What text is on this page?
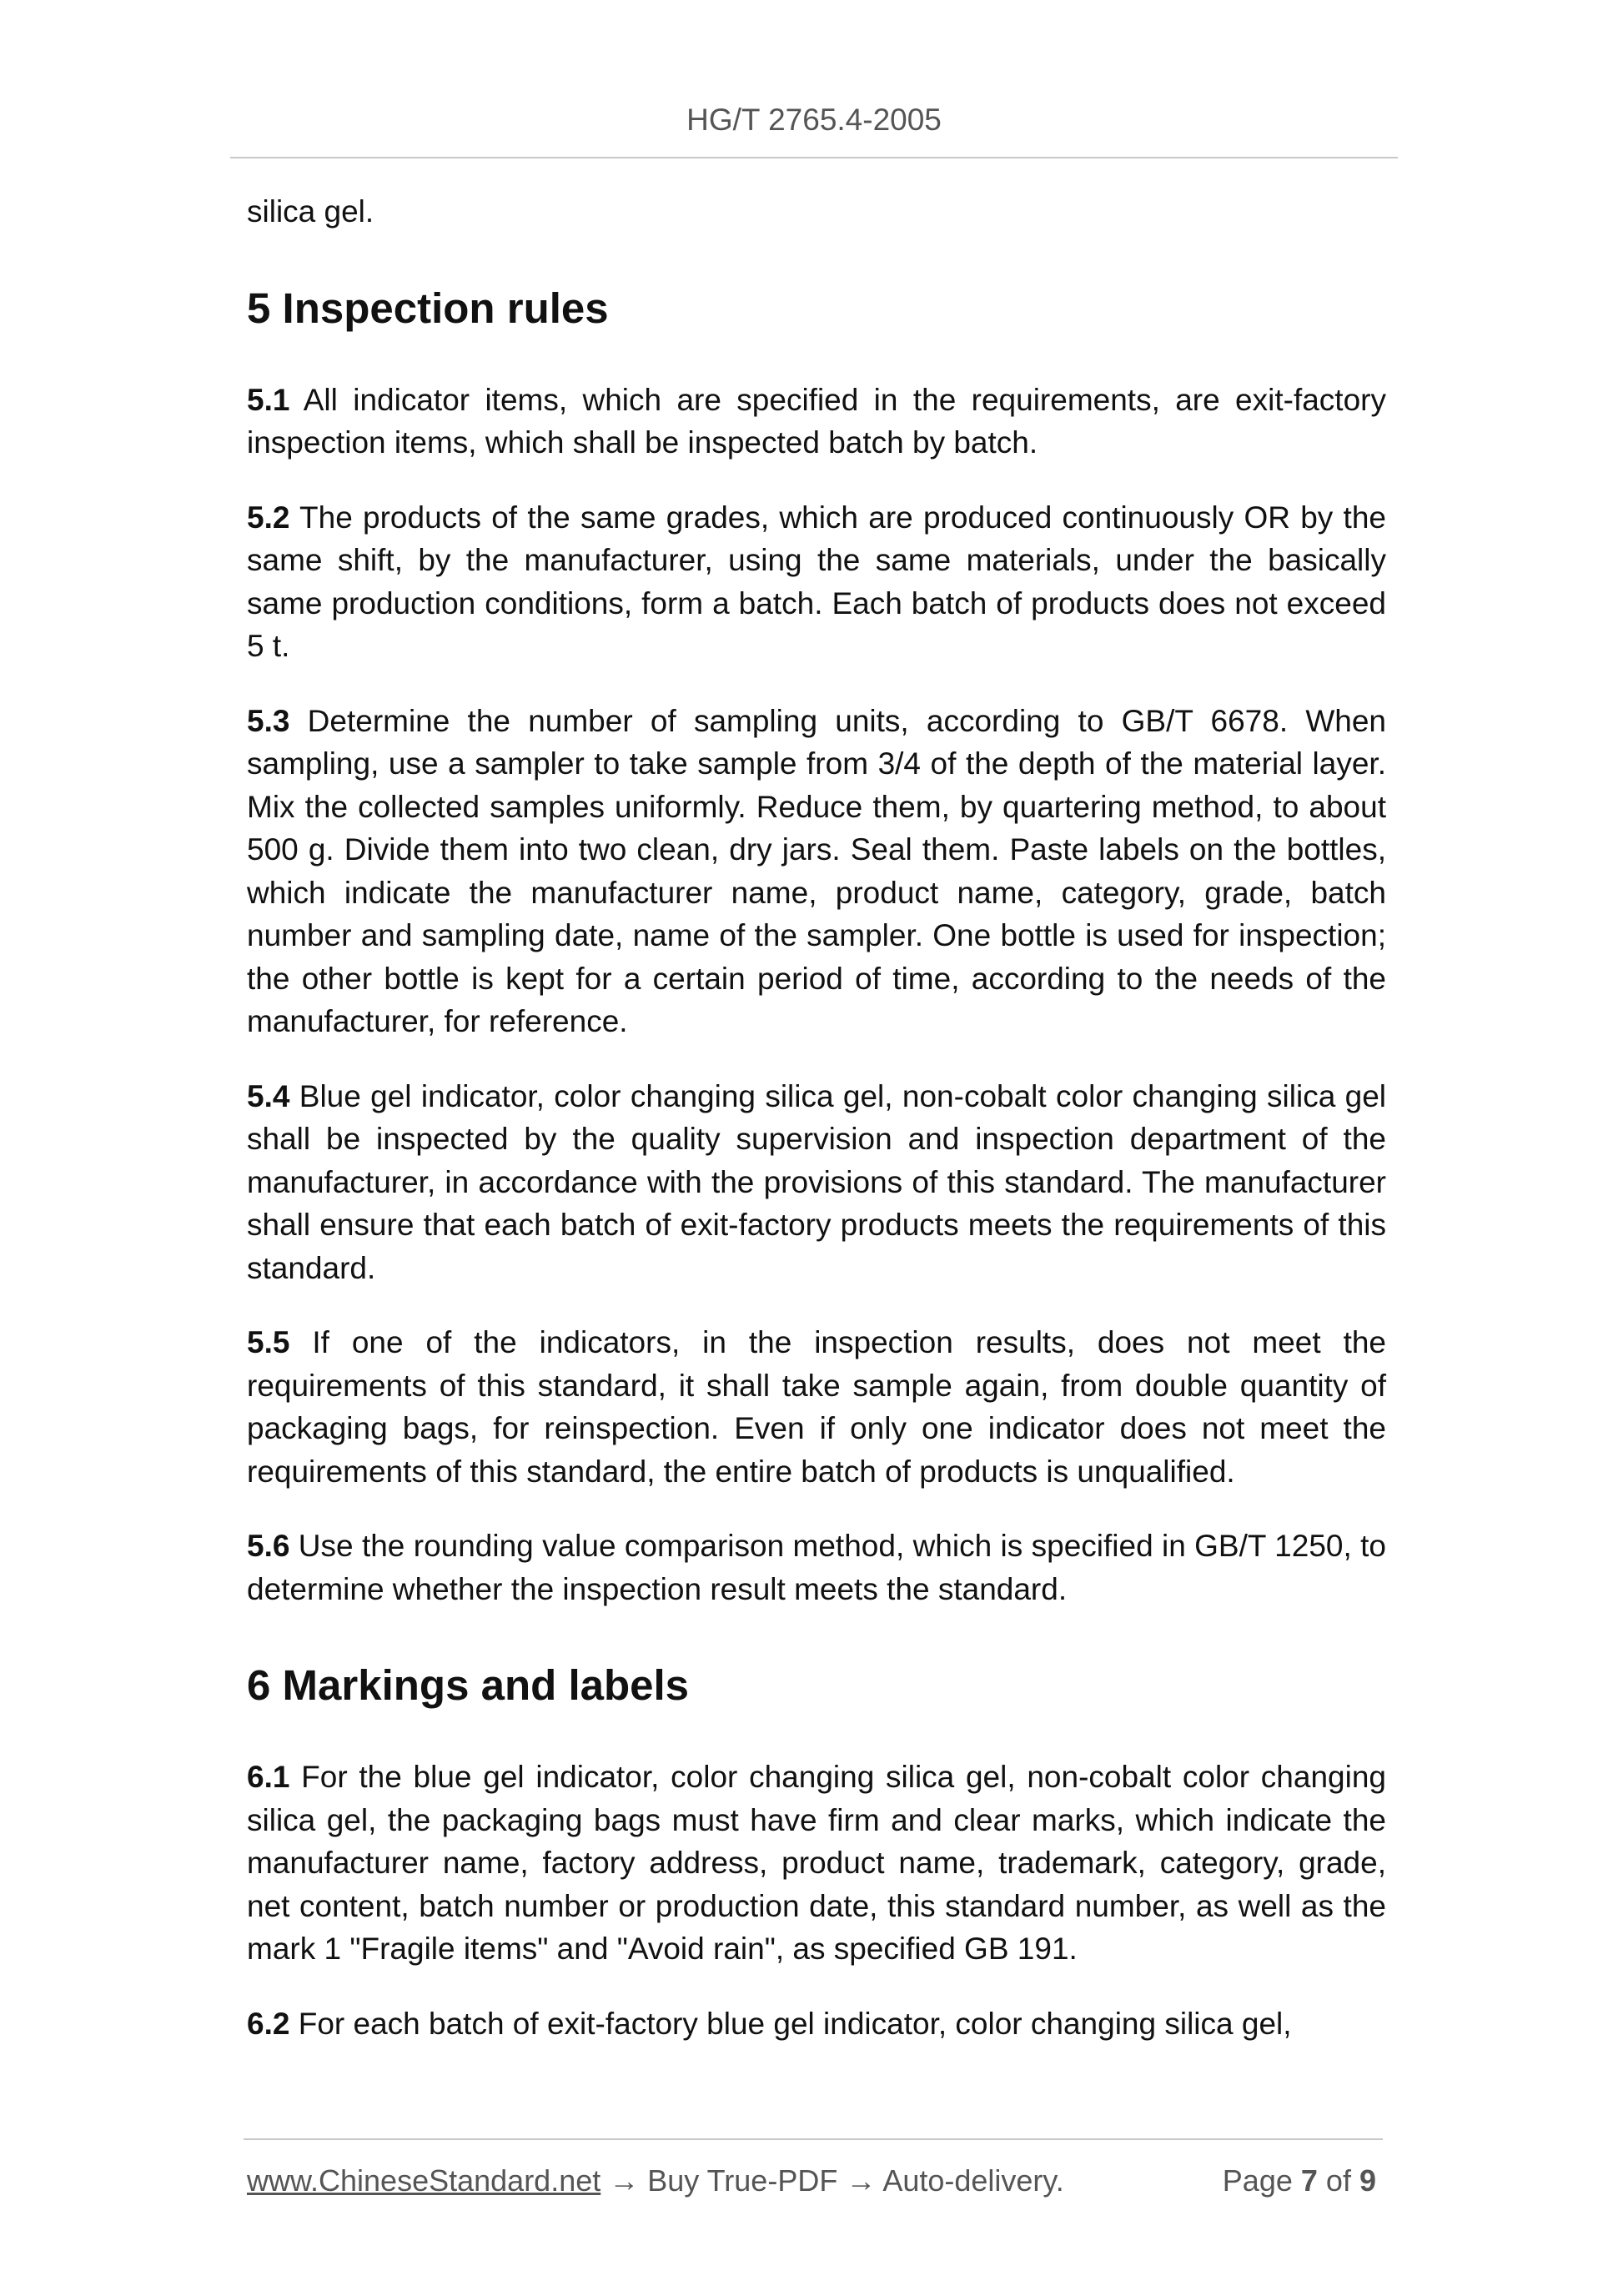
HG/T 2765.4-2005

silica gel.

5 Inspection rules

5.1 All indicator items, which are specified in the requirements, are exit-factory inspection items, which shall be inspected batch by batch.

5.2 The products of the same grades, which are produced continuously OR by the same shift, by the manufacturer, using the same materials, under the basically same production conditions, form a batch. Each batch of products does not exceed 5 t.

5.3 Determine the number of sampling units, according to GB/T 6678. When sampling, use a sampler to take sample from 3/4 of the depth of the material layer. Mix the collected samples uniformly. Reduce them, by quartering method, to about 500 g. Divide them into two clean, dry jars. Seal them. Paste labels on the bottles, which indicate the manufacturer name, product name, category, grade, batch number and sampling date, name of the sampler. One bottle is used for inspection; the other bottle is kept for a certain period of time, according to the needs of the manufacturer, for reference.

5.4 Blue gel indicator, color changing silica gel, non-cobalt color changing silica gel shall be inspected by the quality supervision and inspection department of the manufacturer, in accordance with the provisions of this standard. The manufacturer shall ensure that each batch of exit-factory products meets the requirements of this standard.

5.5 If one of the indicators, in the inspection results, does not meet the requirements of this standard, it shall take sample again, from double quantity of packaging bags, for reinspection. Even if only one indicator does not meet the requirements of this standard, the entire batch of products is unqualified.

5.6 Use the rounding value comparison method, which is specified in GB/T 1250, to determine whether the inspection result meets the standard.

6 Markings and labels

6.1 For the blue gel indicator, color changing silica gel, non-cobalt color changing silica gel, the packaging bags must have firm and clear marks, which indicate the manufacturer name, factory address, product name, trademark, category, grade, net content, batch number or production date, this standard number, as well as the mark 1 "Fragile items" and "Avoid rain", as specified GB 191.

6.2 For each batch of exit-factory blue gel indicator, color changing silica gel,

www.ChineseStandard.net → Buy True-PDF → Auto-delivery.	Page 7 of 9
